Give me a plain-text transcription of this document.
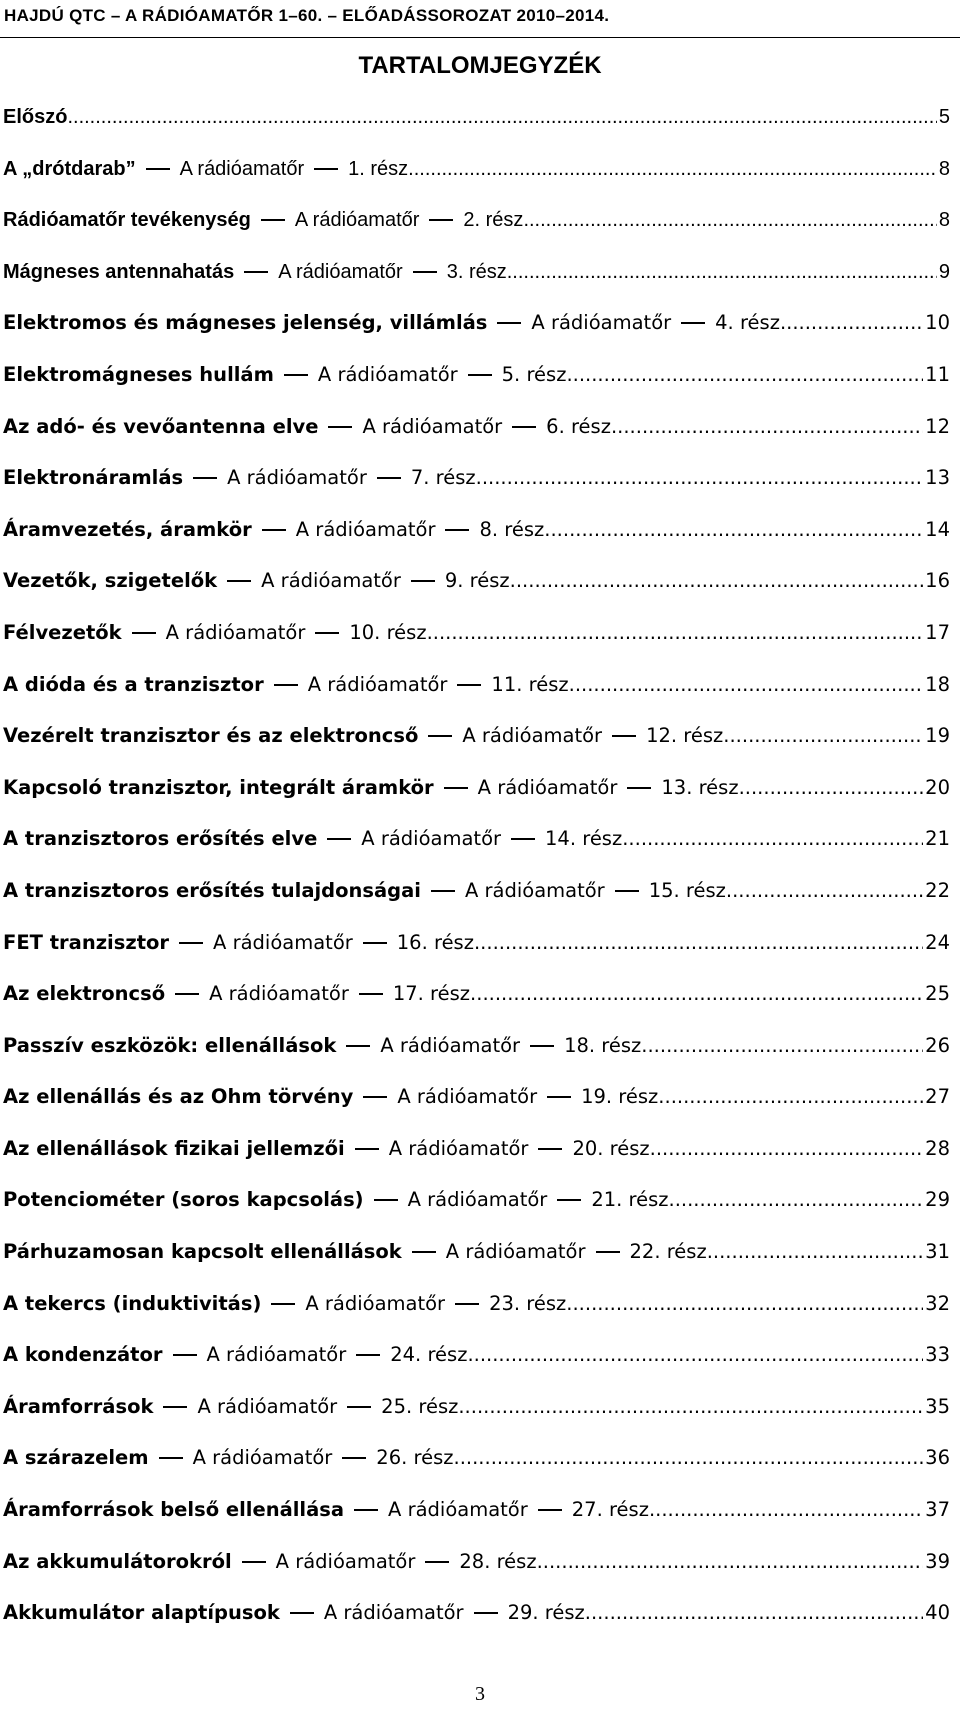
HAJDÚ QTC – A RÁDIÓAMATŐR 1–60. – ELŐADÁSSOROZAT 2010–2014.
TARTALOMJEGYZÉK
Előszó .....	5
A „drótdarab” A rádióamatőr 1. rész .....	8
Rádióamatőr tevékenység A rádióamatőr 2. rész .....	8
Mágneses antennahatás A rádióamatőr 3. rész .....	9
Elektromos és mágneses jelenség, villámlás A rádióamatőr 4. rész .....	10
Elektromágneses hullám A rádióamatőr 5. rész .....	11
Az adó- és vevőantenna elve A rádióamatőr 6. rész .....	12
Elektronáramlás A rádióamatőr 7. rész .....	13
Áramvezetés, áramkör A rádióamatőr 8. rész .....	14
Vezetők, szigetelők A rádióamatőr 9. rész .....	16
Félvezetők A rádióamatőr 10. rész .....	17
A dióda és a tranzisztor A rádióamatőr 11. rész .....	18
Vezérelt tranzisztor és az elektroncső A rádióamatőr 12. rész .....	19
Kapcsoló tranzisztor, integrált áramkör A rádióamatőr 13. rész .....	20
A tranzisztoros erősítés elve A rádióamatőr 14. rész .....	21
A tranzisztoros erősítés tulajdonságai A rádióamatőr 15. rész .....	22
FET tranzisztor A rádióamatőr 16. rész .....	24
Az elektroncső A rádióamatőr 17. rész .....	25
Passzív eszközök: ellenállások A rádióamatőr 18. rész .....	26
Az ellenállás és az Ohm törvény A rádióamatőr 19. rész .....	27
Az ellenállások fizikai jellemzői A rádióamatőr 20. rész .....	28
Potenciométer (soros kapcsolás) A rádióamatőr 21. rész .....	29
Párhuzamosan kapcsolt ellenállások A rádióamatőr 22. rész .....	31
A tekercs (induktivitás) A rádióamatőr 23. rész .....	32
A kondenzátor A rádióamatőr 24. rész .....	33
Áramforrások A rádióamatőr 25. rész .....	35
A szárazelem A rádióamatőr 26. rész .....	36
Áramforrások belső ellenállása A rádióamatőr 27. rész .....	37
Az akkumulátorokról A rádióamatőr 28. rész .....	39
Akkumulátor alaptípusok A rádióamatőr 29. rész .....	40
3
